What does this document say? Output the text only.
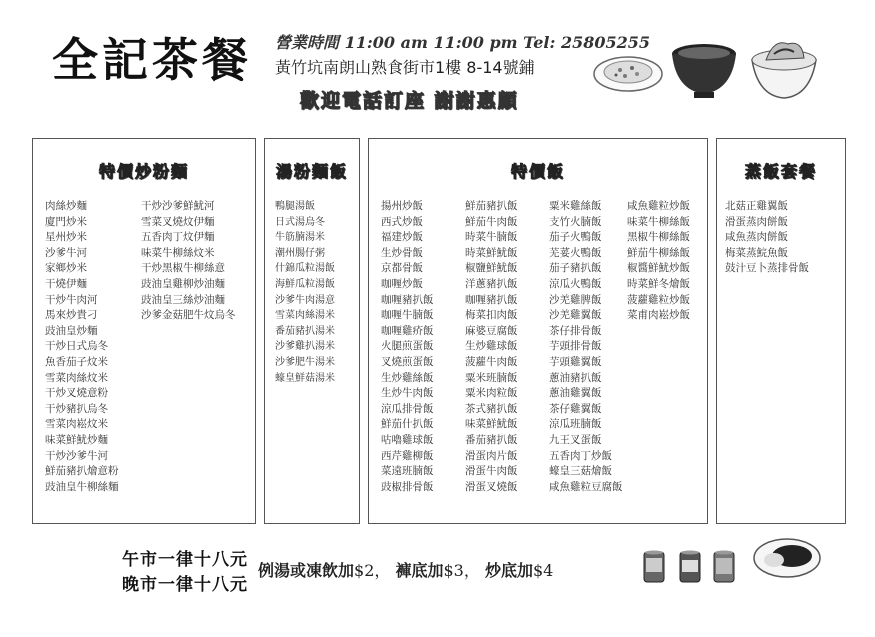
全記茶餐 營業時間 11:00 am 11:00 pm Tel: 25805255
黃竹坑南朗山熟食街市1樓 8-14號鋪
歡迎電話訂座 謝謝惠顧
特價炒粉麵
肉絲炒麵
廈門炒米
星州炒米
沙爹牛河
家鄉炒米
干燒伊麵
干炒牛肉河
馬來炒貴刁
豉油皇炒麵
干炒日式烏冬
魚香茄子炆米
雪菜肉絲炆米
干炒叉燒意粉
干炒豬扒烏冬
雪菜肉崧炆米
味菜鮮魷炒麵
干炒沙爹牛河
鮮茄豬扒燴意粉
豉油皇牛柳絲麵
干炒沙爹鮮魷河
雪菜叉燒炆伊麵
五香肉丁炆伊麵
味菜牛柳絲炆米
干炒黑椒牛柳絲意
豉油皇雞柳炒油麵
豉油皇三絲炒油麵
沙爹金菇肥牛炆烏冬
湯粉麵飯
鴨腿湯飯
日式湯烏冬
牛筋腩湯米
潮州腸仔粥
什錦瓜粒湯飯
海鮮瓜粒湯飯
沙爹牛肉湯意
雪菜肉絲湯米
番茄豬扒湯米
沙爹雞扒湯米
沙爹肥牛湯米
蠔皇鮮菇湯米
特價飯
揚州炒飯
西式炒飯
福建炒飯
生炒骨飯
京都骨飯
咖喱炒飯
咖喱豬扒飯
咖喱牛腩飯
咖喱雞疥飯
火腿煎蛋飯
叉燒煎蛋飯
生炒雞絲飯
生炒牛肉飯
涼瓜排骨飯
鮮茄什扒飯
咕嚕雞球飯
西芹雞柳飯
菜遠班腩飯
豉椒排骨飯
鮮茄豬扒飯
鮮茄牛肉飯
時菜牛腩飯
時菜鮮魷飯
椒鹽鮮魷飯
洋蔥豬扒飯
咖喱豬扒飯
梅菜扣肉飯
麻婆豆腐飯
生炒雞球飯
菠蘿牛肉飯
粟米班腩飯
粟米肉粒飯
茶式豬扒飯
味菜鮮魷飯
番茄豬扒飯
滑蛋肉片飯
滑蛋牛肉飯
滑蛋叉燒飯
粟米雞絲飯
支竹火腩飯
茄子火鴨飯
芜荽火鴨飯
茄子豬扒飯
涼瓜火鴨飯
沙羌雞脾飯
沙羌雞翼飯
茶仔排骨飯
芋頭排骨飯
芋頭雞翼飯
蔥油豬扒飯
蔥油雞翼飯
茶仔雞翼飯
涼瓜班腩飯
九王叉蛋飯
五香肉丁炒飯
蠔皇三菇燴飯
咸魚雞粒豆腐飯
咸魚雞粒炒飯
味菜牛柳絲飯
黑椒牛柳絲飯
鮮茄牛柳絲飯
椒醬鮮魷炒飯
時菜鮮冬燴飯
菠蘿雞粒炒飯
菜甫肉崧炒飯
蒸飯套餐
北菇正雞翼飯
滑蛋蒸肉餅飯
咸魚蒸肉餅飯
梅菜蒸鯇魚飯
鼓汁豆卜蒸排骨飯
午市一律十八元
晚市一律十八元
例湯或凍飲加$2， 褲底加$3， 炒底加$4
